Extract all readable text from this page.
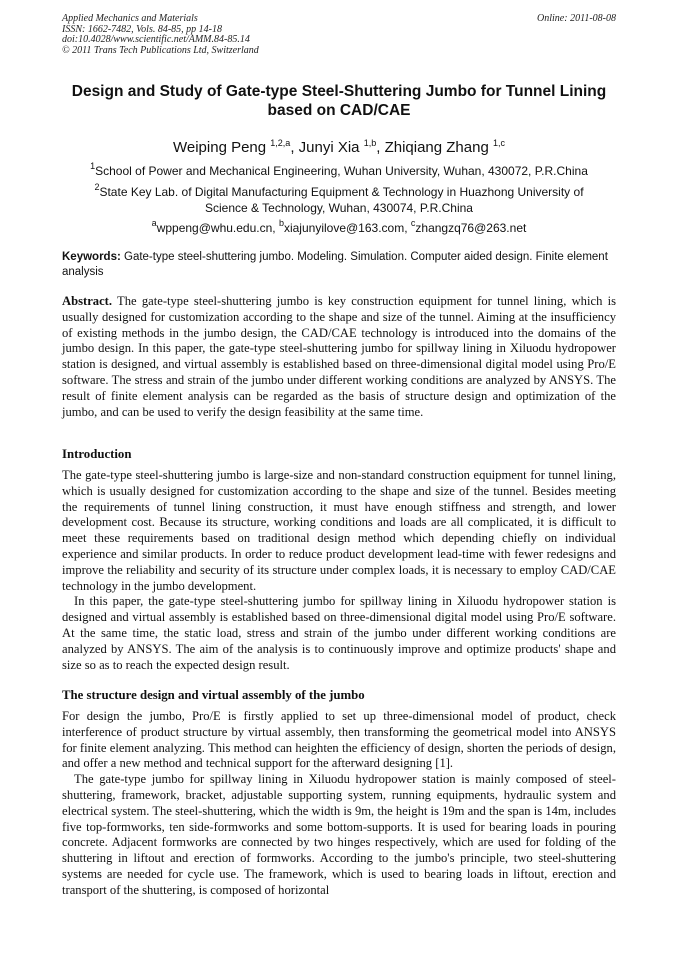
Applied Mechanics and Materials
ISSN: 1662-7482, Vols. 84-85, pp 14-18
doi:10.4028/www.scientific.net/AMM.84-85.14
© 2011 Trans Tech Publications Ltd, Switzerland
Online: 2011-08-08
Design and Study of Gate-type Steel-Shuttering Jumbo for Tunnel Lining based on CAD/CAE
Weiping Peng $^{1,2,a}$, Junyi Xia $^{1,b}$, Zhiqiang Zhang $^{1,c}$
$^1$School of Power and Mechanical Engineering, Wuhan University, Wuhan, 430072, P.R.China
$^2$State Key Lab. of Digital Manufacturing Equipment & Technology in Huazhong University of Science & Technology, Wuhan, 430074, P.R.China
$^a$wppeng@whu.edu.cn, $^b$xiajunyilove@163.com, $^c$zhangzq76@263.net
Keywords: Gate-type steel-shuttering jumbo. Modeling. Simulation. Computer aided design. Finite element analysis

Abstract. The gate-type steel-shuttering jumbo is key construction equipment for tunnel lining, which is usually designed for customization according to the shape and size of the tunnel. Aiming at the insufficiency of existing methods in the jumbo design, the CAD/CAE technology is introduced into the domains of the jumbo design. In this paper, the gate-type steel-shuttering jumbo for spillway lining in Xiluodu hydropower station is designed, and virtual assembly is established based on three-dimensional digital model using Pro/E software. The stress and strain of the jumbo under different working conditions are analyzed by ANSYS. The result of finite element analysis can be regarded as the basis of structure design and optimization of the jumbo, and can be used to verify the design feasibility at the same time.

Introduction

The gate-type steel-shuttering jumbo is large-size and non-standard construction equipment for tunnel lining, which is usually designed for customization according to the shape and size of the tunnel. Besides meeting the requirements of tunnel lining construction, it must have enough stiffness and strength, and lower development cost. Because its structure, working conditions and loads are all complicated, it is difficult to meet these requirements based on traditional design method which depending chiefly on individual experience and similar products. In order to reduce product development lead-time with fewer redesigns and improve the reliability and security of its structure under complex loads, it is necessary to employ CAD/CAE technology in the jumbo development.

In this paper, the gate-type steel-shuttering jumbo for spillway lining in Xiluodu hydropower station is designed and virtual assembly is established based on three-dimensional digital model using Pro/E software. At the same time, the static load, stress and strain of the jumbo under different working conditions are analyzed by ANSYS. The aim of the analysis is to continuously improve and optimize products' shape and size so as to reach the expected design result.

The structure design and virtual assembly of the jumbo

For design the jumbo, Pro/E is firstly applied to set up three-dimensional model of product, check interference of product structure by virtual assembly, then transforming the geometrical model into ANSYS for finite element analyzing. This method can heighten the efficiency of design, shorten the periods of design, and offer a new method and technical support for the afterward designing [1].

The gate-type jumbo for spillway lining in Xiluodu hydropower station is mainly composed of steel-shuttering, framework, bracket, adjustable supporting system, running equipments, hydraulic system and electrical system. The steel-shuttering, which the width is 9m, the height is 19m and the span is 14m, includes five top-formworks, ten side-formworks and some bottom-supports. It is used for bearing loads in pouring concrete. Adjacent formworks are connected by two hinges respectively, which are used for folding of the shuttering in liftout and erection of formworks. According to the jumbo's principle, two steel-shuttering systems are needed for cycle use. The framework, which is used to bearing loads in liftout, erection and transport of the shuttering, is composed of horizontal
